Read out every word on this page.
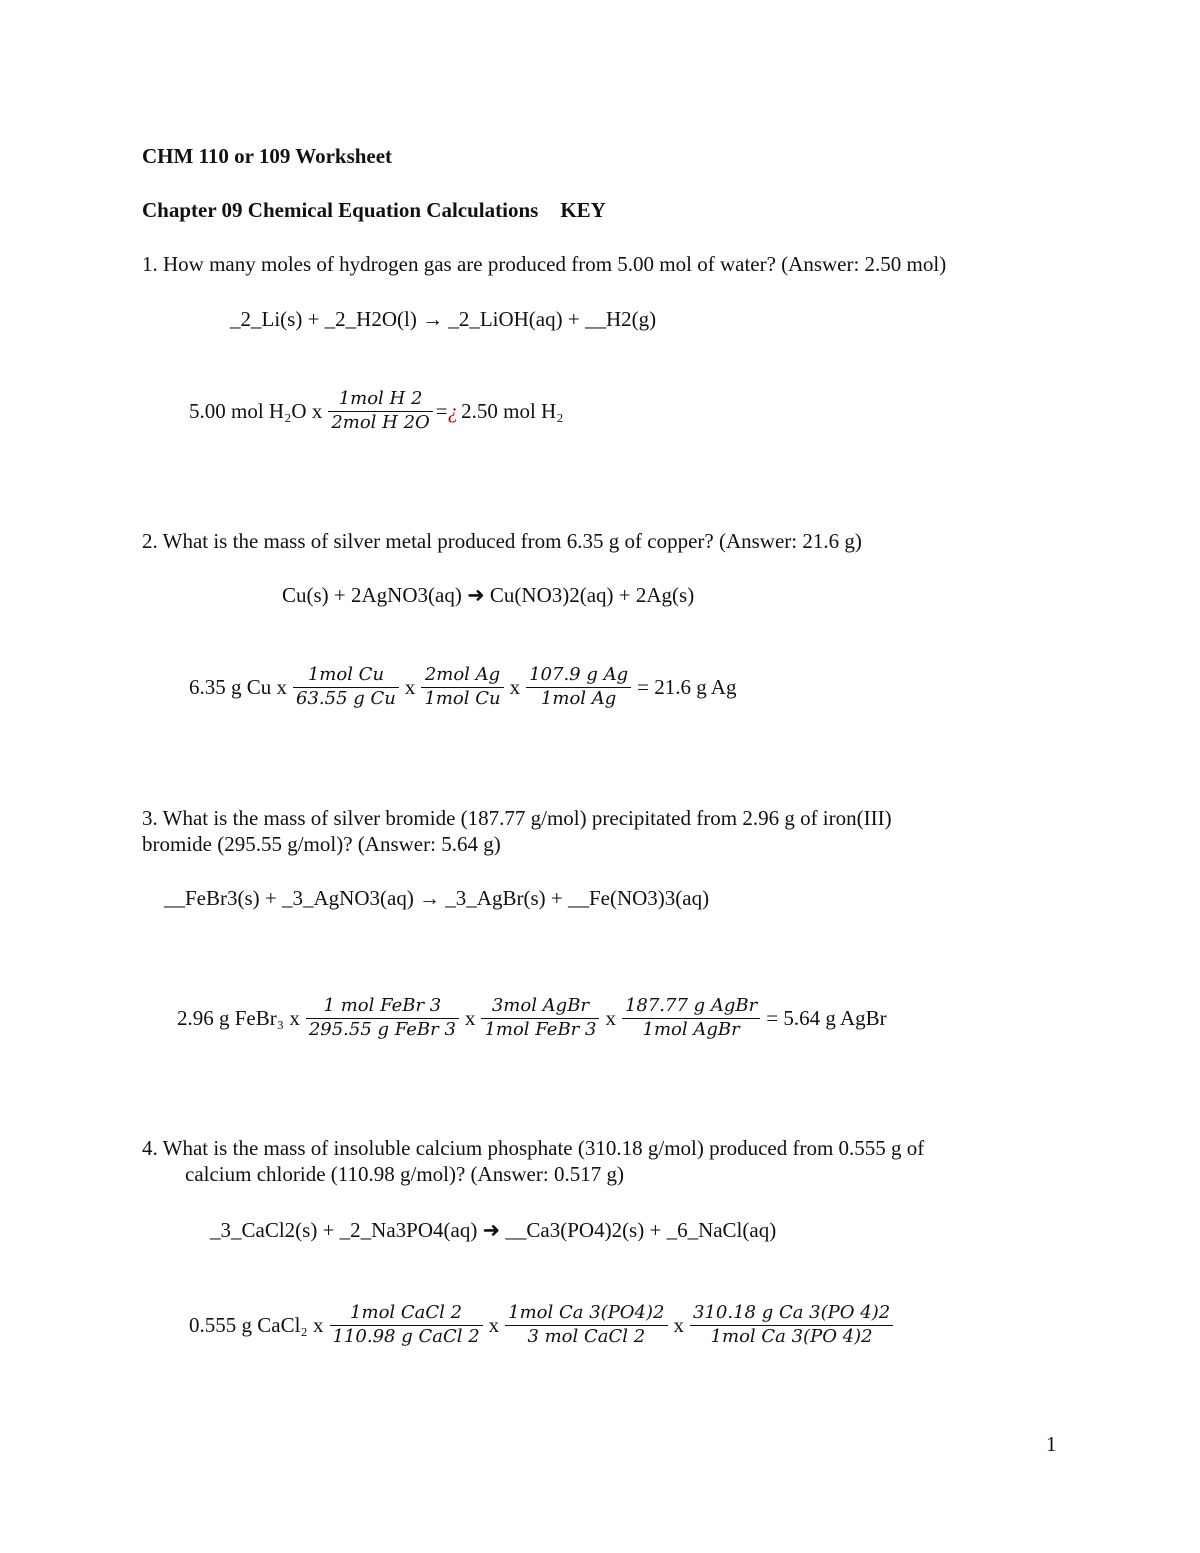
CHM 110 or 109 Worksheet
Chapter 09 Chemical Equation Calculations KEY
1. How many moles of hydrogen gas are produced from 5.00 mol of water? (Answer: 2.50 mol)
_2_Li(s) + _2_H2O(l) → _2_LiOH(aq) + __H2(g)
5.00 mol H₂O x $\frac{\text{1mol H 2}}{\text{2mol H 2O}}$ = ¿ 2.50 mol H₂
2. What is the mass of silver metal produced from 6.35 g of copper? (Answer: 21.6 g)
Cu(s) + 2AgNO3(aq) ➜ Cu(NO3)2(aq) + 2Ag(s)
6.35 g Cu x $\frac{\text{1mol Cu}}{\text{63.55 g Cu}}$ x $\frac{\text{2mol Ag}}{\text{1mol Cu}}$ x $\frac{\text{107.9 g Ag}}{\text{1mol Ag}} = 21.6$ g Ag
3. What is the mass of silver bromide (187.77 g/mol) precipitated from 2.96 g of iron(III)
bromide (295.55 g/mol)? (Answer: 5.64 g)
__FeBr3(s) + _3_AgNO3(aq) → _3_AgBr(s) + __Fe(NO3)3(aq)
2.96 g FeBr₃ x $\frac{\text{1 mol FeBr 3}}{\text{295.55 g FeBr 3}}$ x $\frac{\text{3mol AgBr}}{\text{1mol FeBr 3}}$ x $\frac{\text{187.77 g AgBr}}{\text{1mol AgBr}} = 5.64$ g AgBr
4. What is the mass of insoluble calcium phosphate (310.18 g/mol) produced from 0.555 g of
calcium chloride (110.98 g/mol)? (Answer: 0.517 g)
_3_CaCl2(s) + _2_Na3PO4(aq) ➜ __Ca3(PO4)2(s) + _6_NaCl(aq)
0.555 g CaCl₂ x $\frac{\text{1mol CaCl 2}}{\text{110.98 g CaCl 2}}$ x $\frac{\text{1mol Ca 3(PO4)2}}{\text{3 mol CaCl 2}}$ x $\frac{\text{310.18 g Ca 3(PO 4)2}}{\text{1mol Ca 3(PO 4)2}}$
1
